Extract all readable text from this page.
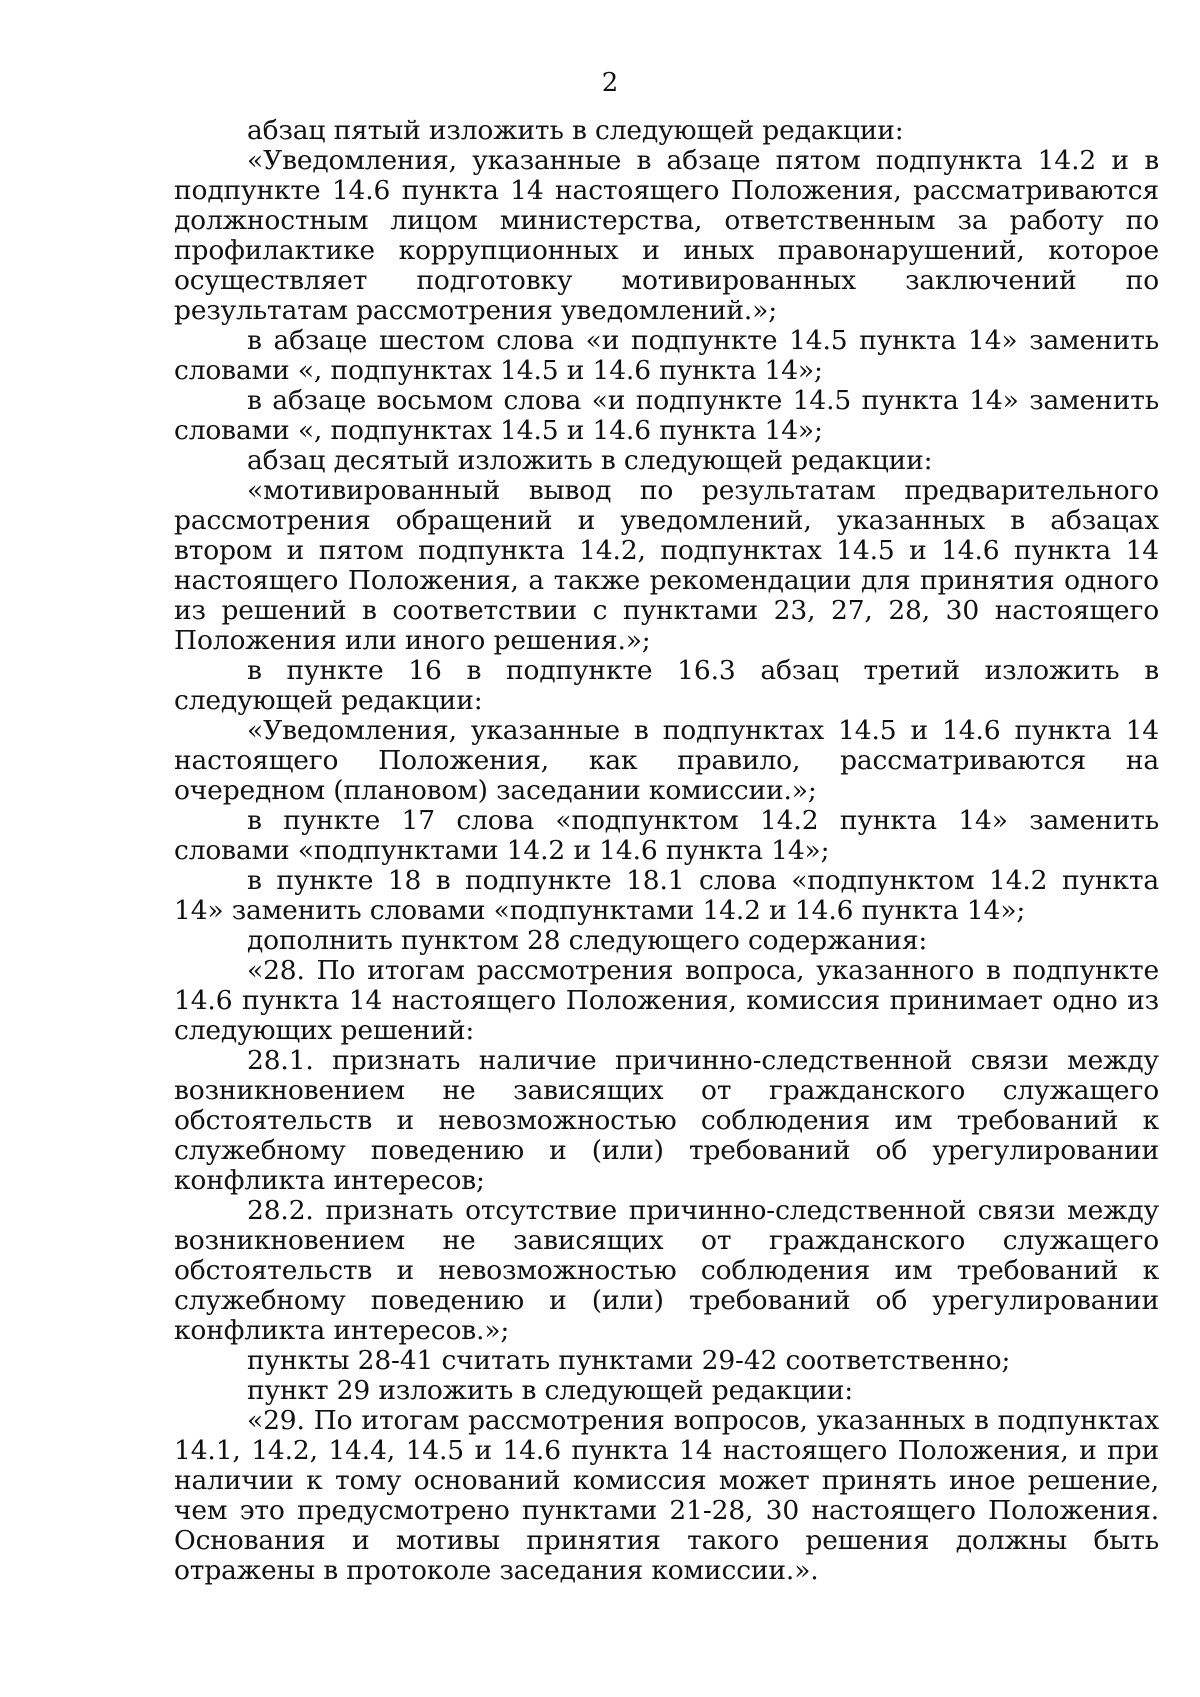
2

абзац пятый изложить в следующей редакции:

«Уведомления, указанные в абзаце пятом подпункта 14.2 и в подпункте 14.6 пункта 14 настоящего Положения, рассматриваются должностным лицом министерства, ответственным за работу по профилактике коррупционных и иных правонарушений, которое осуществляет подготовку мотивированных заключений по результатам рассмотрения уведомлений.»;

в абзаце шестом слова «и подпункте 14.5 пункта 14» заменить словами «, подпунктах 14.5 и 14.6 пункта 14»;

в абзаце восьмом слова «и подпункте 14.5 пункта 14» заменить словами «, подпунктах 14.5 и 14.6 пункта 14»;

абзац десятый изложить в следующей редакции:

«мотивированный вывод по результатам предварительного рассмотрения обращений и уведомлений, указанных в абзацах втором и пятом подпункта 14.2, подпунктах 14.5 и 14.6 пункта 14 настоящего Положения, а также рекомендации для принятия одного из решений в соответствии с пунктами 23, 27, 28, 30 настоящего Положения или иного решения.»;

в пункте 16 в подпункте 16.3 абзац третий изложить в следующей редакции:

«Уведомления, указанные в подпунктах 14.5 и 14.6 пункта 14 настоящего Положения, как правило, рассматриваются на очередном (плановом) заседании комиссии.»;

в пункте 17 слова «подпунктом 14.2 пункта 14» заменить словами «подпунктами 14.2 и 14.6 пункта 14»;

в пункте 18 в подпункте 18.1 слова «подпунктом 14.2 пункта 14» заменить словами «подпунктами 14.2 и 14.6 пункта 14»;

дополнить пунктом 28 следующего содержания:

«28. По итогам рассмотрения вопроса, указанного в подпункте 14.6 пункта 14 настоящего Положения, комиссия принимает одно из следующих решений:

28.1. признать наличие причинно-следственной связи между возникновением не зависящих от гражданского служащего обстоятельств и невозможностью соблюдения им требований к служебному поведению и (или) требований об урегулировании конфликта интересов;

28.2. признать отсутствие причинно-следственной связи между возникновением не зависящих от гражданского служащего обстоятельств и невозможностью соблюдения им требований к служебному поведению и (или) требований об урегулировании конфликта интересов.»;

пункты 28-41 считать пунктами 29-42 соответственно;

пункт 29 изложить в следующей редакции:

«29. По итогам рассмотрения вопросов, указанных в подпунктах 14.1, 14.2, 14.4, 14.5 и 14.6 пункта 14 настоящего Положения, и при наличии к тому оснований комиссия может принять иное решение, чем это предусмотрено пунктами 21-28, 30 настоящего Положения. Основания и мотивы принятия такого решения должны быть отражены в протоколе заседания комиссии.».
